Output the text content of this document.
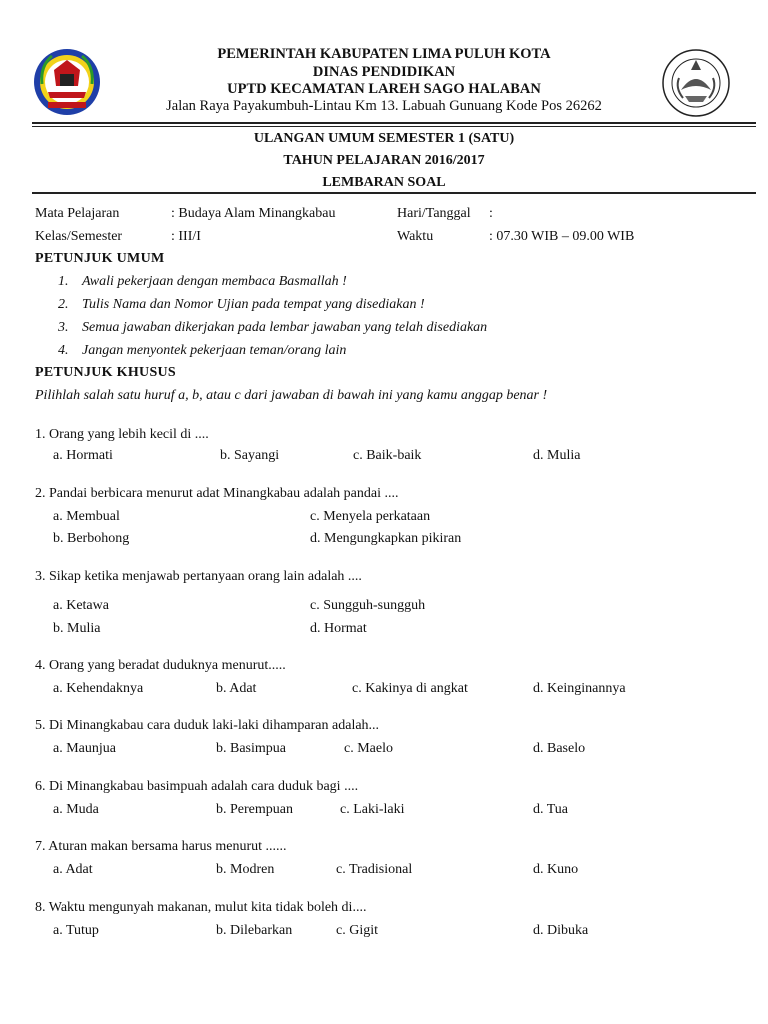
PEMERINTAH KABUPATEN LIMA PULUH KOTA
DINAS PENDIDIKAN
UPTD KECAMATAN LAREH SAGO HALABAN
Jalan Raya Payakumbuh-Lintau Km 13. Labuah Gunuang Kode Pos 26262
ULANGAN UMUM SEMESTER 1 (SATU)
TAHUN PELAJARAN 2016/2017
LEMBARAN SOAL
Mata Pelajaran	: Budaya Alam Minangkabau	Hari/Tanggal :
Kelas/Semester	: III/I	Waktu	: 07.30 WIB – 09.00 WIB
PETUNJUK UMUM
1. Awali pekerjaan dengan membaca Basmallah !
2. Tulis Nama dan Nomor Ujian pada tempat yang disediakan !
3. Semua jawaban dikerjakan pada lembar jawaban yang telah disediakan
4. Jangan menyontek pekerjaan teman/orang lain
PETUNJUK KHUSUS
Pilihlah salah satu huruf a, b, atau c dari jawaban di bawah ini yang kamu anggap benar !
1. Orang yang lebih kecil di ....
a. Hormati	b. Sayangi	c. Baik-baik	d. Mulia
2. Pandai berbicara menurut adat Minangkabau adalah pandai ....
a. Membual	c. Menyela perkataan
b. Berbohong	d. Mengungkapkan pikiran
3. Sikap ketika menjawab pertanyaan orang lain adalah ....
a. Ketawa	c. Sungguh-sungguh
b. Mulia	d. Hormat
4. Orang yang beradat duduknya menurut.....
a. Kehendaknya	b. Adat	c. Kakinya di angkat	d. Keinginannya
5. Di Minangkabau cara duduk laki-laki dihamparan adalah...
a. Maunjua	b. Basimpua	c. Maelo	d. Baselo
6. Di Minangkabau basimpuah adalah cara duduk bagi ....
a. Muda	b. Perempuan	c. Laki-laki	d. Tua
7. Aturan makan bersama harus menurut ......
a. Adat	b. Modren	c. Tradisional	d. Kuno
8. Waktu mengunyah makanan, mulut kita tidak boleh di....
a. Tutup	b. Dilebarkan	c. Gigit	d. Dibuka
